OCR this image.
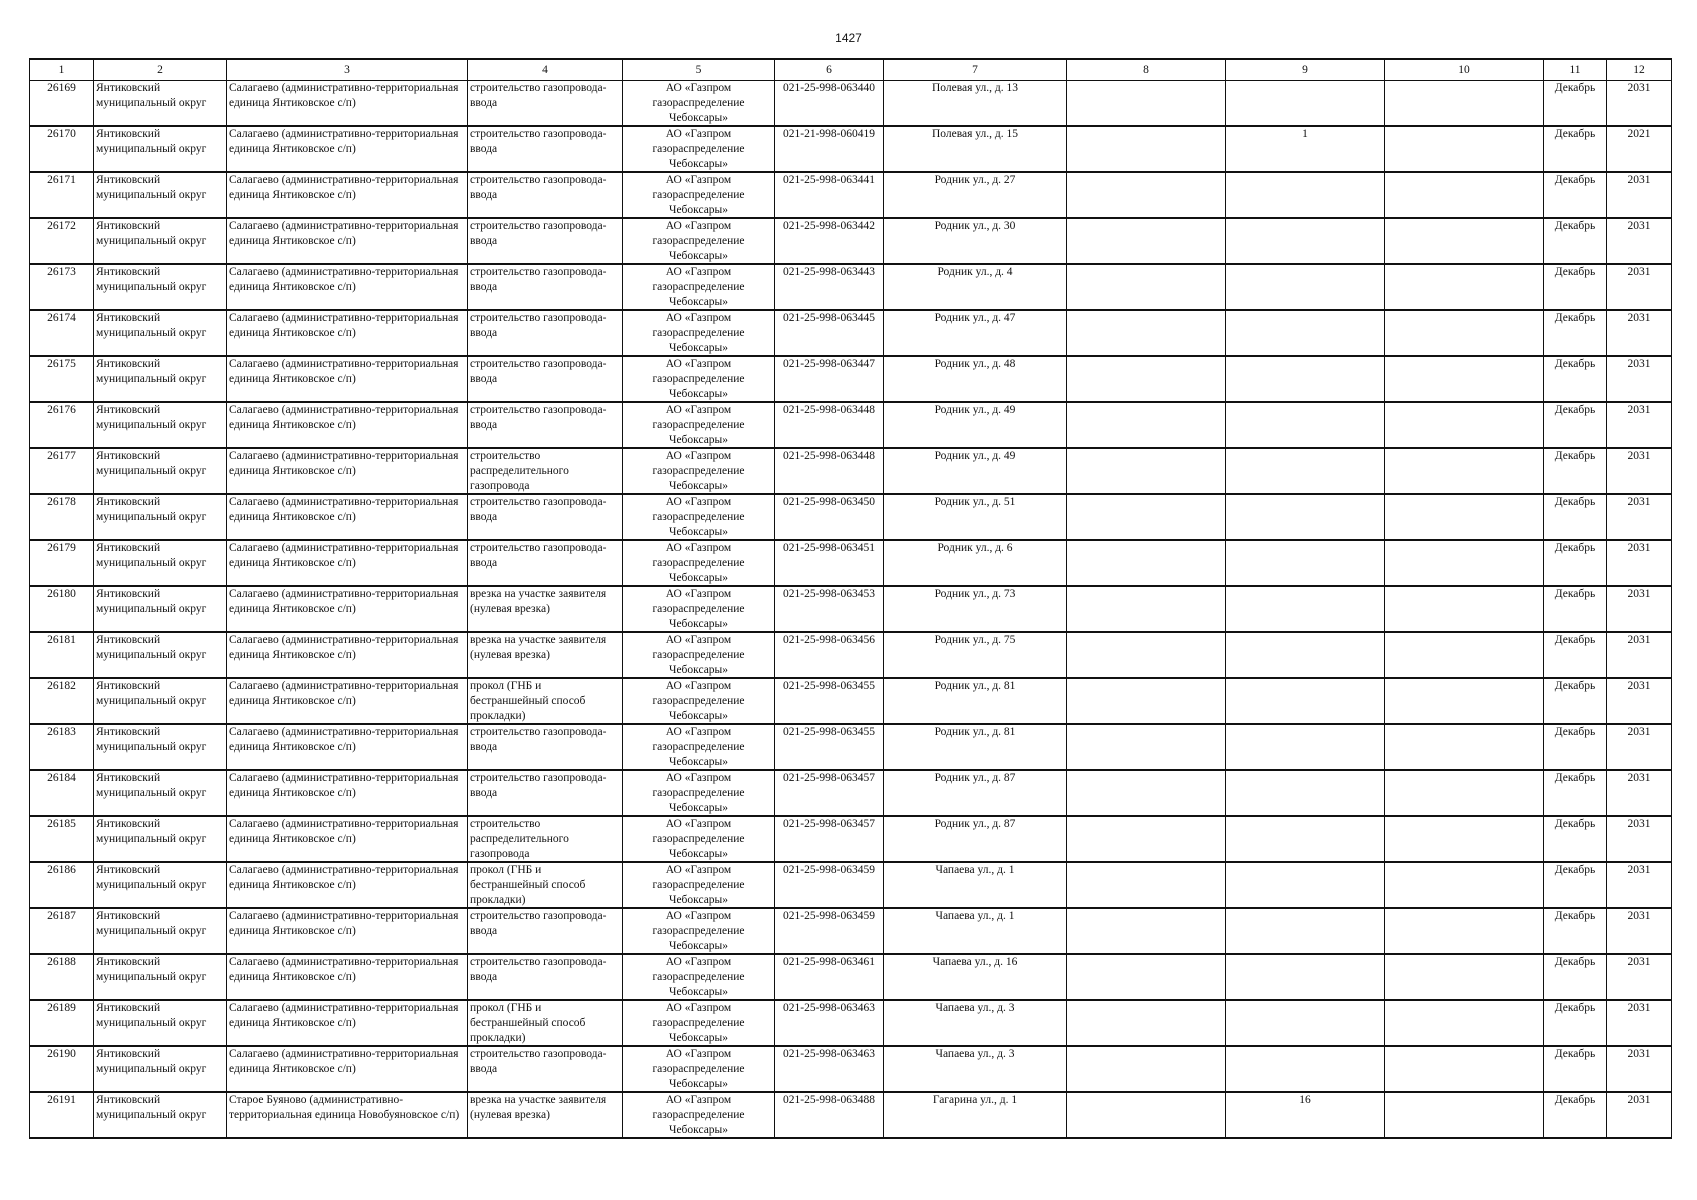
1427
1	2	3	4	5	6	7	8	9	10	11	12

26169	Янтиковский муниципальный округ	Салагаево (административно-территориальная единица Янтиковское с/п)	строительство газопровода-ввода	АО «Газпром газораспределение Чебоксары»	021-25-998-063440	Полевая ул., д. 13				Декабрь	2031

26170	Янтиковский муниципальный округ	Салагаево (административно-территориальная единица Янтиковское с/п)	строительство газопровода-ввода	АО «Газпром газораспределение Чебоксары»	021-21-998-060419	Полевая ул., д. 15		1		Декабрь	2021

26171	Янтиковский муниципальный округ	Салагаево (административно-территориальная единица Янтиковское с/п)	строительство газопровода-ввода	АО «Газпром газораспределение Чебоксары»	021-25-998-063441	Родник ул., д. 27				Декабрь	2031

26172	Янтиковский муниципальный округ	Салагаево (административно-территориальная единица Янтиковское с/п)	строительство газопровода-ввода	АО «Газпром газораспределение Чебоксары»	021-25-998-063442	Родник ул., д. 30				Декабрь	2031

26173	Янтиковский муниципальный округ	Салагаево (административно-территориальная единица Янтиковское с/п)	строительство газопровода-ввода	АО «Газпром газораспределение Чебоксары»	021-25-998-063443	Родник ул., д. 4				Декабрь	2031

26174	Янтиковский муниципальный округ	Салагаево (административно-территориальная единица Янтиковское с/п)	строительство газопровода-ввода	АО «Газпром газораспределение Чебоксары»	021-25-998-063445	Родник ул., д. 47				Декабрь	2031

26175	Янтиковский муниципальный округ	Салагаево (административно-территориальная единица Янтиковское с/п)	строительство газопровода-ввода	АО «Газпром газораспределение Чебоксары»	021-25-998-063447	Родник ул., д. 48				Декабрь	2031

26176	Янтиковский муниципальный округ	Салагаево (административно-территориальная единица Янтиковское с/п)	строительство газопровода-ввода	АО «Газпром газораспределение Чебоксары»	021-25-998-063448	Родник ул., д. 49				Декабрь	2031

26177	Янтиковский муниципальный округ	Салагаево (административно-территориальная единица Янтиковское с/п)	строительство распределительного газопровода	АО «Газпром газораспределение Чебоксары»	021-25-998-063448	Родник ул., д. 49				Декабрь	2031

26178	Янтиковский муниципальный округ	Салагаево (административно-территориальная единица Янтиковское с/п)	строительство газопровода-ввода	АО «Газпром газораспределение Чебоксары»	021-25-998-063450	Родник ул., д. 51				Декабрь	2031

26179	Янтиковский муниципальный округ	Салагаево (административно-территориальная единица Янтиковское с/п)	строительство газопровода-ввода	АО «Газпром газораспределение Чебоксары»	021-25-998-063451	Родник ул., д. 6				Декабрь	2031

26180	Янтиковский муниципальный округ	Салагаево (административно-территориальная единица Янтиковское с/п)	врезка на участке заявителя (нулевая врезка)	АО «Газпром газораспределение Чебоксары»	021-25-998-063453	Родник ул., д. 73				Декабрь	2031

26181	Янтиковский муниципальный округ	Салагаево (административно-территориальная единица Янтиковское с/п)	врезка на участке заявителя (нулевая врезка)	АО «Газпром газораспределение Чебоксары»	021-25-998-063456	Родник ул., д. 75				Декабрь	2031

26182	Янтиковский муниципальный округ	Салагаево (административно-территориальная единица Янтиковское с/п)	прокол (ГНБ и бестраншейный способ прокладки)	АО «Газпром газораспределение Чебоксары»	021-25-998-063455	Родник ул., д. 81				Декабрь	2031

26183	Янтиковский муниципальный округ	Салагаево (административно-территориальная единица Янтиковское с/п)	строительство газопровода-ввода	АО «Газпром газораспределение Чебоксары»	021-25-998-063455	Родник ул., д. 81				Декабрь	2031

26184	Янтиковский муниципальный округ	Салагаево (административно-территориальная единица Янтиковское с/п)	строительство газопровода-ввода	АО «Газпром газораспределение Чебоксары»	021-25-998-063457	Родник ул., д. 87				Декабрь	2031

26185	Янтиковский муниципальный округ	Салагаево (административно-территориальная единица Янтиковское с/п)	строительство распределительного газопровода	АО «Газпром газораспределение Чебоксары»	021-25-998-063457	Родник ул., д. 87				Декабрь	2031

26186	Янтиковский муниципальный округ	Салагаево (административно-территориальная единица Янтиковское с/п)	прокол (ГНБ и бестраншейный способ прокладки)	АО «Газпром газораспределение Чебоксары»	021-25-998-063459	Чапаева ул., д. 1				Декабрь	2031

26187	Янтиковский муниципальный округ	Салагаево (административно-территориальная единица Янтиковское с/п)	строительство газопровода-ввода	АО «Газпром газораспределение Чебоксары»	021-25-998-063459	Чапаева ул., д. 1				Декабрь	2031

26188	Янтиковский муниципальный округ	Салагаево (административно-территориальная единица Янтиковское с/п)	строительство газопровода-ввода	АО «Газпром газораспределение Чебоксары»	021-25-998-063461	Чапаева ул., д. 16				Декабрь	2031

26189	Янтиковский муниципальный округ	Салагаево (административно-территориальная единица Янтиковское с/п)	прокол (ГНБ и бестраншейный способ прокладки)	АО «Газпром газораспределение Чебоксары»	021-25-998-063463	Чапаева ул., д. 3				Декабрь	2031

26190	Янтиковский муниципальный округ	Салагаево (административно-территориальная единица Янтиковское с/п)	строительство газопровода-ввода	АО «Газпром газораспределение Чебоксары»	021-25-998-063463	Чапаева ул., д. 3				Декабрь	2031

26191	Янтиковский муниципальный округ	Старое Буяново (административно-территориальная единица Новобуяновское с/п)	врезка на участке заявителя (нулевая врезка)	АО «Газпром газораспределение Чебоксары»	021-25-998-063488	Гагарина ул., д. 1		16		Декабрь	2031
